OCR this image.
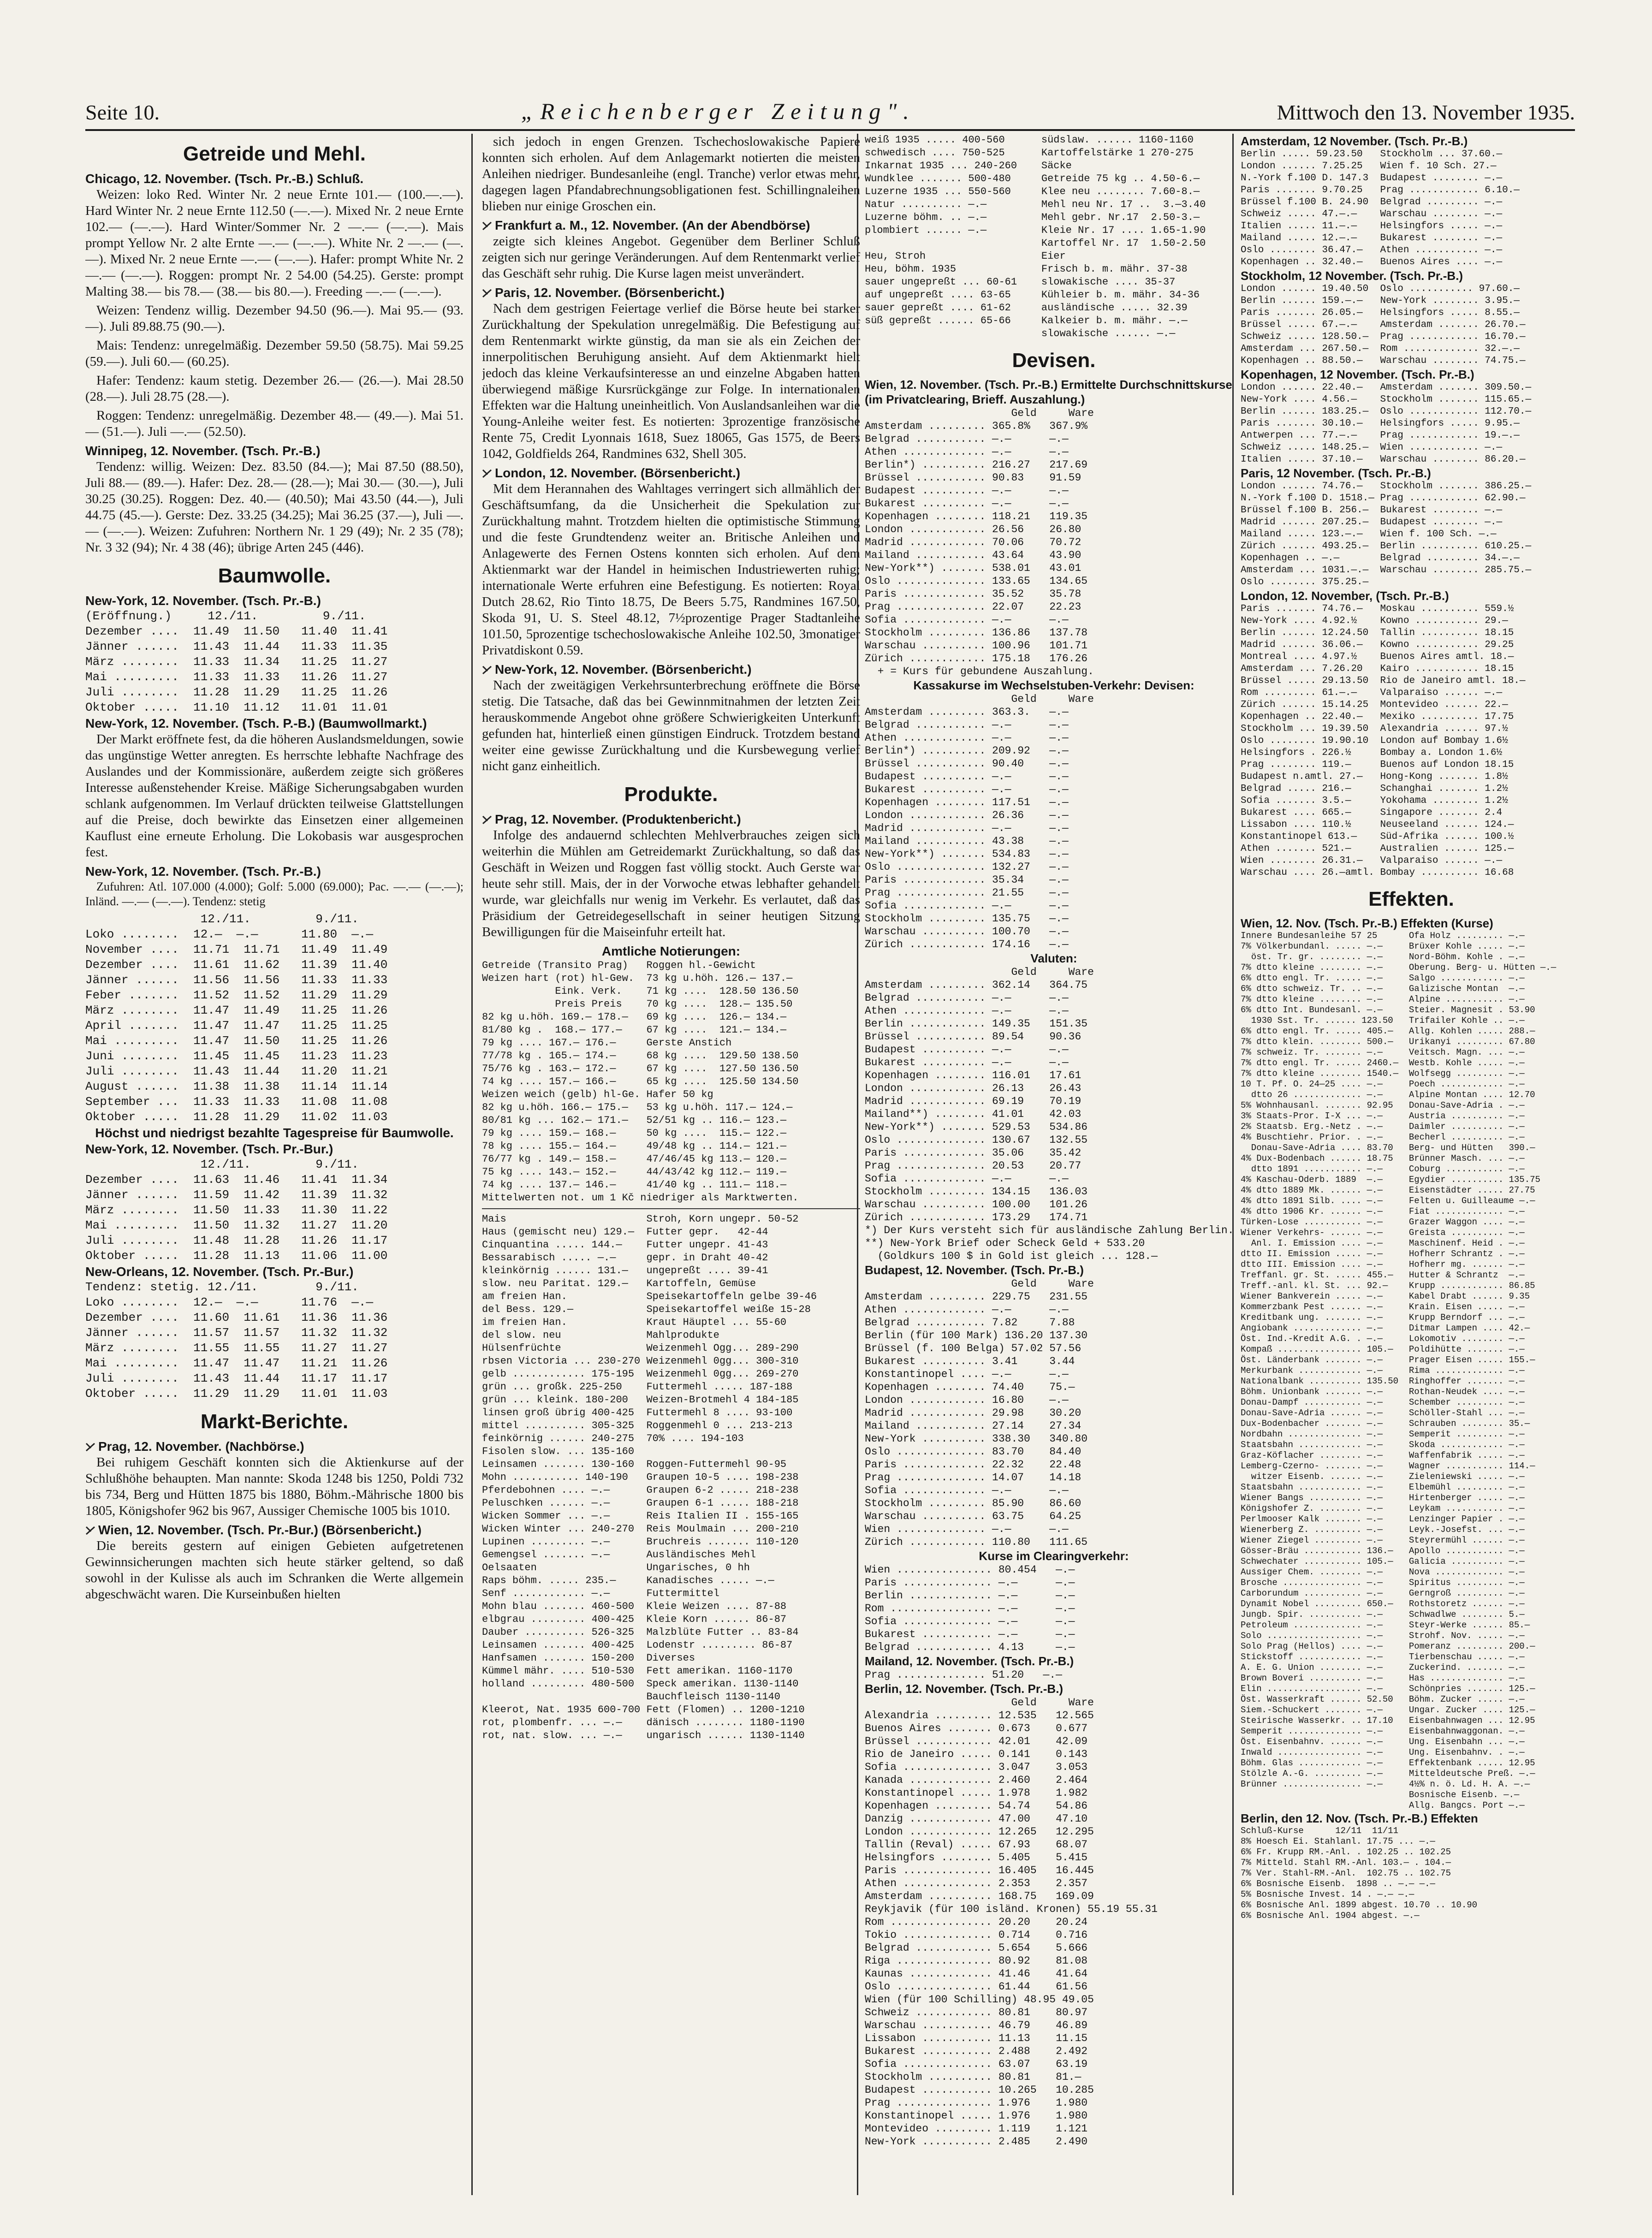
Seite 10.	„Reichenberger Zeitung".	Mittwoch den 13. November 1935.
Getreide und Mehl.
Chicago, 12. November. (Tsch. Pr.-B.) Schluß.

Weizen: loko Red. Winter Nr. 2 neue Ernte 101.— (100.—.—). Hard Winter Nr. 2 neue Ernte 112.50 (—.—). Mixed Nr. 2 neue Ernte 102.— (—.—). Hard Winter/Sommer Nr. 2 —.— (—.—). Mais prompt Yellow Nr. 2 alte Ernte —.— (—.—). White Nr. 2 —.— (—.—). Mixed Nr. 2 neue Ernte —.— (—.—). Hafer: prompt White Nr. 2 —.— (—.—). Roggen: prompt Nr. 2 54.00 (54.25). Gerste: prompt Malting 38.— bis 78.— (38.— bis 80.—). Freeding —.— (—.—).

Weizen: Tendenz willig. Dezember 94.50 (96.—). Mai 95.— (93.—). Juli 89.88.75 (90.—).

Mais: Tendenz: unregelmäßig. Dezember 59.50 (58.75). Mai 59.25 (59.—). Juli 60.— (60.25).

Hafer: Tendenz: kaum stetig. Dezember 26.— (26.—). Mai 28.50 (28.—). Juli 28.75 (28.—).

Roggen: Tendenz: unregelmäßig. Dezember 48.— (49.—). Mai 51.— (51.—). Juli —.— (52.50).

Winnipeg, 12. November. (Tsch. Pr.-B.)

Tendenz: willig. Weizen: Dez. 83.50 (84.—); Mai 87.50 (88.50), Juli 88.— (89.—). Hafer: Dez. 28.— (28.—); Mai 30.— (30.—), Juli 30.25 (30.25). Roggen: Dez. 40.— (40.50); Mai 43.50 (44.—), Juli 44.75 (45.—). Gerste: Dez. 33.25 (34.25); Mai 36.25 (37.—), Juli —.— (—.—). Weizen: Zufuhren: Northern Nr. 1 29 (49); Nr. 2 35 (78); Nr. 3 32 (94); Nr. 4 38 (46); übrige Arten 245 (446).

Baumwolle.
New-York, 12. November. (Tsch. Pr.-B.)
(Eröffnung.)     12./11.         9./11.
Dezember ....  11.49  11.50   11.40  11.41
Jänner ......  11.43  11.44   11.33  11.35
März ........  11.33  11.34   11.25  11.27
Mai .........  11.33  11.33   11.26  11.27
Juli ........  11.28  11.29   11.25  11.26
Oktober .....  11.10  11.12   11.01  11.01
New-York, 12. November. (Tsch. P.-B.) (Baumwollmarkt.)

Der Markt eröffnete fest, da die höheren Auslandsmeldungen, sowie das ungünstige Wetter anregten. Es herrschte lebhafte Nachfrage des Auslandes und der Kommissionäre, außerdem zeigte sich größeres Interesse außenstehender Kreise. Mäßige Sicherungsabgaben wurden schlank aufgenommen. Im Verlauf drückten teilweise Glattstellungen auf die Preise, doch bewirkte das Einsetzen einer allgemeinen Kauflust eine erneute Erholung. Die Lokobasis war ausgesprochen fest.

New-York, 12. November. (Tsch. Pr.-B.)

Zufuhren: Atl. 107.000 (4.000); Golf: 5.000 (69.000); Pac. —.— (—.—); Inländ. —.— (—.—). Tendenz: stetig

12./11.         9./11.
Loko ........  12.—  —.—      11.80  —.—
November ....  11.71  11.71   11.49  11.49
Dezember ....  11.61  11.62   11.39  11.40
Jänner ......  11.56  11.56   11.33  11.33
Feber .......  11.52  11.52   11.29  11.29
März ........  11.47  11.49   11.25  11.26
April .......  11.47  11.47   11.25  11.25
Mai .........  11.47  11.50   11.25  11.26
Juni ........  11.45  11.45   11.23  11.23
Juli ........  11.43  11.44   11.20  11.21
August ......  11.38  11.38   11.14  11.14
September ...  11.33  11.33   11.08  11.08
Oktober .....  11.28  11.29   11.02  11.03
Höchst und niedrigst bezahlte Tagespreise für Baumwolle.
New-York, 12. November. (Tsch. Pr.-Bur.)
12./11.         9./11.
Dezember ....  11.63  11.46   11.41  11.34
Jänner ......  11.59  11.42   11.39  11.32
März ........  11.50  11.33   11.30  11.22
Mai .........  11.50  11.32   11.27  11.20
Juli ........  11.48  11.28   11.26  11.17
Oktober .....  11.28  11.13   11.06  11.00
New-Orleans, 12. November. (Tsch. Pr.-Bur.)
Tendenz: stetig. 12./11.        9./11.
Loko ........  12.—  —.—      11.76  —.—
Dezember ....  11.60  11.61   11.36  11.36
Jänner ......  11.57  11.57   11.32  11.32
März ........  11.55  11.55   11.27  11.27
Mai .........  11.47  11.47   11.21  11.26
Juli ........  11.43  11.44   11.17  11.17
Oktober .....  11.29  11.29   11.01  11.03
Markt-Berichte.
Prag, 12. November. (Nachbörse.)

Bei ruhigem Geschäft konnten sich die Aktienkurse auf der Schlußhöhe behaupten. Man nannte: Skoda 1248 bis 1250, Poldi 732 bis 734, Berg und Hütten 1875 bis 1880, Böhm.-Mährische 1800 bis 1805, Königshofer 962 bis 967, Aussiger Chemische 1005 bis 1010.

Wien, 12. November. (Tsch. Pr.-Bur.) (Börsenbericht.)

Die bereits gestern auf einigen Gebieten aufgetretenen Gewinnsicherungen machten sich heute stärker geltend, so daß sowohl in der Kulisse als auch im Schranken die Werte allgemein abgeschwächt waren. Die Kurseinbußen hielten

sich jedoch in engen Grenzen. Tschechoslowakische Papiere konnten sich erholen. Auf dem Anlagemarkt notierten die meisten Anleihen niedriger. Bundesanleihe (engl. Tranche) verlor etwas mehr, dagegen lagen Pfandabrechnungsobligationen fest. Schillingnaleihen blieben nur einige Groschen ein.

Frankfurt a. M., 12. November. (An der Abendbörse)

zeigte sich kleines Angebot. Gegenüber dem Berliner Schluß zeigten sich nur geringe Veränderungen. Auf dem Rentenmarkt verlief das Geschäft sehr ruhig. Die Kurse lagen meist unverändert.

Paris, 12. November. (Börsenbericht.)

Nach dem gestrigen Feiertage verlief die Börse heute bei starker Zurückhaltung der Spekulation unregelmäßig. Die Befestigung auf dem Rentenmarkt wirkte günstig, da man sie als ein Zeichen der innerpolitischen Beruhigung ansieht. Auf dem Aktienmarkt hielt jedoch das kleine Verkaufsinteresse an und einzelne Abgaben hatten überwiegend mäßige Kursrückgänge zur Folge. In internationalen Effekten war die Haltung uneinheitlich. Von Auslandsanleihen war die Young-Anleihe weiter fest. Es notierten: 3prozentige französische Rente 75, Credit Lyonnais 1618, Suez 18065, Gas 1575, de Beers 1042, Goldfields 264, Randmines 632, Shell 305.

London, 12. November. (Börsenbericht.)

Mit dem Herannahen des Wahltages verringert sich allmählich der Geschäftsumfang, da die Unsicherheit die Spekulation zur Zurückhaltung mahnt. Trotzdem hielten die optimistische Stimmung und die feste Grundtendenz weiter an. Britische Anleihen und Anlagewerte des Fernen Ostens konnten sich erholen. Auf dem Aktienmarkt war der Handel in heimischen Industriewerten ruhig; internationale Werte erfuhren eine Befestigung. Es notierten: Royal Dutch 28.62, Rio Tinto 18.75, De Beers 5.75, Randmines 167.50, Skoda 91, U. S. Steel 48.12, 7½prozentige Prager Stadtanleihe 101.50, 5prozentige tschechoslowakische Anleihe 102.50, 3monatiger Privatdiskont 0.59.

New-York, 12. November. (Börsenbericht.)

Nach der zweitägigen Verkehrsunterbrechung eröffnete die Börse stetig. Die Tatsache, daß das bei Gewinnmitnahmen der letzten Zeit herauskommende Angebot ohne größere Schwierigkeiten Unterkunft gefunden hat, hinterließ einen günstigen Eindruck. Trotzdem bestand weiter eine gewisse Zurückhaltung und die Kursbewegung verlief nicht ganz einheitlich.

Produkte.
Prag, 12. November. (Produktenbericht.)

Infolge des andauernd schlechten Mehlverbrauches zeigen sich weiterhin die Mühlen am Getreidemarkt Zurückhaltung, so daß das Geschäft in Weizen und Roggen fast völlig stockt. Auch Gerste war heute sehr still. Mais, der in der Vorwoche etwas lebhafter gehandelt wurde, war gleichfalls nur wenig im Verkehr. Es verlautet, daß das Präsidium der Getreidegesellschaft in seiner heutigen Sitzung Bewilligungen für die Maiseinfuhr erteilt hat.

Amtliche Notierungen:
Getreide (Transito Prag)   Roggen hl.-Gewicht
Weizen hart (rot) hl-Gew.  73 kg u.höh. 126.— 137.—
Eink. Verk.    71 kg ....  128.50 136.50
Preis Preis    70 kg ....  128.— 135.50
82 kg u.höh. 169.— 178.—   69 kg ....  126.— 134.—
81/80 kg .  168.— 177.—    67 kg ....  121.— 134.—
79 kg .... 167.— 176.—     Gerste Anstich
77/78 kg . 165.— 174.—     68 kg ....  129.50 138.50
75/76 kg . 163.— 172.—     67 kg ....  127.50 136.50
74 kg .... 157.— 166.—     65 kg ....  125.50 134.50
Weizen weich (gelb) hl-Ge. Hafer 50 kg
82 kg u.höh. 166.— 175.—   53 kg u.höh. 117.— 124.—
80/81 kg ... 162.— 171.—   52/51 kg .. 116.— 123.—
79 kg .... 159.— 168.—     50 kg ....  115.— 122.—
78 kg .... 155.— 164.—     49/48 kg .. 114.— 121.—
76/77 kg . 149.— 158.—     47/46/45 kg 113.— 120.—
75 kg .... 143.— 152.—     44/43/42 kg 112.— 119.—
74 kg .... 137.— 146.—     41/40 kg .. 111.— 118.—
Mittelwerten not. um 1 Kč niedriger als Marktwerten.
Mais                       Stroh, Korn ungepr. 50-52
Haus (gemischt neu) 129.—  Futter gepr.   42-44
Cinquantina ..... 144.—    Futter ungepr. 41-43
Bessarabisch ..... —.—     gepr. in Draht 40-42
kleinkörnig ...... 131.—   ungepreßt .... 39-41
slow. neu Paritat. 129.—   Kartoffeln, Gemüse
am freien Han.             Speisekartoffeln gelbe 39-46
del Bess. 129.—            Speisekartoffel weiße 15-28
im freien Han.             Kraut Häuptel ... 55-60
del slow. neu              Mahlprodukte
Hülsenfrüchte              Weizenmehl Ogg... 289-290
rbsen Victoria ... 230-270 Weizenmehl 0gg... 300-310
gelb ............ 175-195  Weizenmehl 0gg... 269-270
grün ... großk. 225-250    Futtermehl ..... 187-188
grün ... kleink. 180-200   Weizen-Brotmehl 4 184-185
linsen groß übrig 400-425  Futtermehl 8 .... 93-100
mittel .......... 305-325  Roggenmehl 0 ... 213-213
feinkörnig ...... 240-275  70% .... 194-103
Fisolen slow. ... 135-160
Leinsamen ....... 130-160  Roggen-Futtermehl 90-95
Mohn ........... 140-190   Graupen 10-5 .... 198-238
Pferdebohnen .... —.—      Graupen 6-2 ..... 218-238
Peluschken ...... —.—      Graupen 6-1 ..... 188-218
Wicken Sommer ... —.—      Reis Italien II . 155-165
Wicken Winter ... 240-270  Reis Moulmain ... 200-210
Lupinen ......... —.—      Bruchreis ....... 110-120
Gemengsel ....... —.—      Ausländisches Mehl
Oelsaaten                  Ungarisches, 0 hh
Raps böhm. ..... 235.—     Kanadisches ..... —.—
Senf ............ —.—      Futtermittel
Mohn blau ....... 460-500  Kleie Weizen .... 87-88
elbgrau ......... 400-425  Kleie Korn ...... 86-87
Dauber .......... 526-325  Malzblüte Futter .. 83-84
Leinsamen ....... 400-425  Lodenstr ......... 86-87
Hanfsamen ....... 150-200  Diverses
Kümmel mähr. .... 510-530  Fett amerikan. 1160-1170
holland ......... 480-500  Speck amerikan. 1130-1140
Bauchfleisch 1130-1140
Kleerot, Nat. 1935 600-700 Fett (Flomen) .. 1200-1210
rot, plombenfr. ... —.—    dänisch ........ 1180-1190
rot, nat. slow. ... —.—    ungarisch ...... 1130-1140
weiß 1935 ..... 400-560      südslaw. ...... 1160-1160
schwedisch .... 750-525      Kartoffelstärke 1 270-275
Inkarnat 1935 ... 240-260    Säcke
Wundklee ....... 500-480     Getreide 75 kg .. 4.50-6.—
Luzerne 1935 ... 550-560     Klee neu ........ 7.60-8.—
Natur .......... —.—         Mehl neu Nr. 17 ..  3.—3.40
Luzerne böhm. .. —.—         Mehl gebr. Nr.17  2.50-3.—
plombiert ...... —.—         Kleie Nr. 17 .... 1.65-1.90
Kartoffel Nr. 17  1.50-2.50
Heu, Stroh                   Eier
Heu, böhm. 1935              Frisch b. m. mähr. 37-38
sauer ungepreßt ... 60-61    slowakische .... 35-37
auf ungepreßt .... 63-65     Kühleier b. m. mähr. 34-36
sauer gepreßt .... 61-62     ausländische ..... 32.39
süß gepreßt ...... 65-66     Kalkeier b. m. mähr. —.—
slowakische ...... —.—
Devisen.
Wien, 12. November. (Tsch. Pr.-B.) Ermittelte Durchschnittskurse (im Privatclearing, Brieff. Auszahlung.)
Geld     Ware
Amsterdam ......... 365.8%   367.9%
Belgrad ........... —.—      —.—
Athen ............. —.—      —.—
Berlin*) .......... 216.27   217.69
Brüssel ........... 90.83    91.59
Budapest .......... —.—      —.—
Bukarest .......... —.—      —.—
Kopenhagen ........ 118.21   119.35
London ............ 26.56    26.80
Madrid ............ 70.06    70.72
Mailand ........... 43.64    43.90
New-York**) ....... 538.01   43.01
Oslo .............. 133.65   134.65
Paris ............. 35.52    35.78
Prag .............. 22.07    22.23
Sofia ............. —.—      —.—
Stockholm ......... 136.86   137.78
Warschau .......... 100.96   101.71
Zürich ............ 175.18   176.26
+ = Kurs für gebundene Auszahlung.
Kassakurse im Wechselstuben-Verkehr: Devisen:
Geld     Ware
Amsterdam ......... 363.3.   —.—
Belgrad ........... —.—      —.—
Athen ............. —.—      —.—
Berlin*) .......... 209.92   —.—
Brüssel ........... 90.40    —.—
Budapest .......... —.—      —.—
Bukarest .......... —.—      —.—
Kopenhagen ........ 117.51   —.—
London ............ 26.36    —.—
Madrid ............ —.—      —.—
Mailand ........... 43.38    —.—
New-York**) ....... 534.83   —.—
Oslo .............. 132.27   —.—
Paris ............. 35.34    —.—
Prag .............. 21.55    —.—
Sofia ............. —.—      —.—
Stockholm ......... 135.75   —.—
Warschau .......... 100.70   —.—
Zürich ............ 174.16   —.—
Valuten:
Geld     Ware
Amsterdam ......... 362.14   364.75
Belgrad ........... —.—      —.—
Athen ............. —.—      —.—
Berlin ............ 149.35   151.35
Brüssel ........... 89.54    90.36
Budapest .......... —.—      —.—
Bukarest .......... —.—      —.—
Kopenhagen ........ 116.01   17.61
London ............ 26.13    26.43
Madrid ............ 69.19    70.19
Mailand**) ........ 41.01    42.03
New-York**) ....... 529.53   534.86
Oslo .............. 130.67   132.55
Paris ............. 35.06    35.42
Prag .............. 20.53    20.77
Sofia ............. —.—      —.—
Stockholm ......... 134.15   136.03
Warschau .......... 100.00   101.26
Zürich ............ 173.29   174.71
*) Der Kurs versteht sich für ausländische Zahlung Berlin.
**) New-York Brief oder Scheck Geld + 533.20
(Goldkurs 100 $ in Gold ist gleich ... 128.—
Budapest, 12. November. (Tsch. Pr.-B.)
Geld     Ware
Amsterdam ......... 229.75   231.55
Athen ............. —.—      —.—
Belgrad ........... 7.82     7.88
Berlin (für 100 Mark) 136.20 137.30
Brüssel (f. 100 Belga) 57.02 57.56
Bukarest .......... 3.41     3.44
Konstantinopel .... —.—      —.—
Kopenhagen ........ 74.40    75.—
London ............ 16.80    —.—
Madrid ............ 29.98    30.20
Mailand ........... 27.14    27.34
New-York .......... 338.30   340.80
Oslo .............. 83.70    84.40
Paris ............. 22.32    22.48
Prag .............. 14.07    14.18
Sofia ............. —.—      —.—
Stockholm ......... 85.90    86.60
Warschau .......... 63.75    64.25
Wien .............. —.—      —.—
Zürich ............ 110.80   111.65
Kurse im Clearingverkehr:
Wien ............... 80.454   —.—
Paris .............. —.—      —.—
Berlin ............. —.—      —.—
Rom ................ —.—      —.—
Sofia .............. —.—      —.—
Bukarest ........... —.—      —.—
Belgrad ............ 4.13     —.—
Mailand, 12. November. (Tsch. Pr.-B.)
Prag .............. 51.20   —.—
Berlin, 12. November. (Tsch. Pr.-B.)
Geld     Ware
Alexandria ......... 12.535   12.565
Buenos Aires ....... 0.673    0.677
Brüssel ............ 42.01    42.09
Rio de Janeiro ..... 0.141    0.143
Sofia .............. 3.047    3.053
Kanada ............. 2.460    2.464
Konstantinopel ..... 1.978    1.982
Kopenhagen ......... 54.74    54.86
Danzig ............. 47.00    47.10
London ............. 12.265   12.295
Tallin (Reval) ..... 67.93    68.07
Helsingfors ........ 5.405    5.415
Paris .............. 16.405   16.445
Athen .............. 2.353    2.357
Amsterdam .......... 168.75   169.09
Reykjavik (für 100 isländ. Kronen) 55.19 55.31
Rom ................ 20.20    20.24
Tokio .............. 0.714    0.716
Belgrad ............ 5.654    5.666
Riga ............... 80.92    81.08
Kaunas ............. 41.46    41.64
Oslo ............... 61.44    61.56
Wien (für 100 Schilling) 48.95 49.05
Schweiz ............ 80.81    80.97
Warschau ........... 46.79    46.89
Lissabon ........... 11.13    11.15
Bukarest ........... 2.488    2.492
Sofia .............. 63.07    63.19
Stockholm .......... 80.81    81.—
Budapest ........... 10.265   10.285
Prag ............... 1.976    1.980
Konstantinopel ..... 1.976    1.980
Montevideo ......... 1.119    1.121
New-York ........... 2.485    2.490
Amsterdam, 12 November. (Tsch. Pr.-B.)
Berlin ..... 59.23.50   Stockholm ... 37.60.—
London ...... 7.25.25   Wien f. 10 Sch. 27.—
N.-York f.100 D. 147.3  Budapest ........ —.—
Paris ....... 9.70.25   Prag ............ 6.10.—
Brüssel f.100 B. 24.90  Belgrad ......... —.—
Schweiz ..... 47.—.—    Warschau ........ —.—
Italien ..... 11.—.—    Helsingfors ..... —.—
Mailand ..... 12.—.—    Bukarest ........ —.—
Oslo ........ 36.47.—   Athen ........... —.—
Kopenhagen .. 32.40.—   Buenos Aires .... —.—
Stockholm, 12 November. (Tsch. Pr.-B.)
London ...... 19.40.50  Oslo ........... 97.60.—
Berlin ...... 159.—.—   New-York ........ 3.95.—
Paris ....... 26.05.—   Helsingfors ..... 8.55.—
Brüssel ..... 67.—.—    Amsterdam ....... 26.70.—
Schweiz ..... 128.50.—  Prag ............ 16.70.—
Amsterdam ... 267.50.—  Rom ............. 32.—.—
Kopenhagen .. 88.50.—   Warschau ........ 74.75.—
Kopenhagen, 12 November. (Tsch. Pr.-B.)
London ...... 22.40.—   Amsterdam ....... 309.50.—
New-York .... 4.56.—    Stockholm ....... 115.65.—
Berlin ...... 183.25.—  Oslo ............ 112.70.—
Paris ....... 30.10.—   Helsingfors ..... 9.95.—
Antwerpen ... 77.—.—    Prag ............ 19.—.—
Schweiz ..... 148.25.—  Wien ............ —.—
Italien ..... 37.10.—   Warschau ........ 86.20.—
Paris, 12 November. (Tsch. Pr.-B.)
London ...... 74.76.—   Stockholm ....... 386.25.—
N.-York f.100 D. 1518.— Prag ............ 62.90.—
Brüssel f.100 B. 256.—  Bukarest ........ —.—
Madrid ...... 207.25.—  Budapest ........ —.—
Mailand ..... 123.—.—   Wien f. 100 Sch. —.—
Zürich ...... 493.25.—  Berlin .......... 610.25.—
Kopenhagen .. —.—       Belgrad ......... 34.—.—
Amsterdam ... 1031.—.—  Warschau ........ 285.75.—
Oslo ........ 375.25.—
London, 12. November, (Tsch. Pr.-B.)
Paris ....... 74.76.—   Moskau .......... 559.½
New-York .... 4.92.½    Kowno ........... 29.—
Berlin ...... 12.24.50  Tallin .......... 18.15
Madrid ...... 36.06.—   Kowno ........... 29.25
Montreal .... 4.97.½    Buenos Aires amtl. 18.—
Amsterdam ... 7.26.20   Kairo ........... 18.15
Brüssel ..... 29.13.50  Rio de Janeiro amtl. 18.—
Rom ......... 61.—.—    Valparaiso ...... —.—
Zürich ...... 15.14.25  Montevideo ...... 22.—
Kopenhagen .. 22.40.—   Mexiko .......... 17.75
Stockholm ... 19.39.50  Alexandria ...... 97.½
Oslo ........ 19.90.10  London auf Bombay 1.6½
Helsingfors . 226.½     Bombay a. London 1.6½
Prag ........ 119.—     Buenos auf London 18.15
Budapest n.amtl. 27.—   Hong-Kong ....... 1.8½
Belgrad ..... 216.—     Schanghai ....... 1.2½
Sofia ....... 3.5.—     Yokohama ........ 1.2½
Bukarest .... 665.—     Singapore ....... 2.4
Lissabon .... 110.½     Neuseeland ...... 124.—
Konstantinopel 613.—    Süd-Afrika ...... 100.½
Athen ....... 521.—     Australien ...... 125.—
Wien ........ 26.31.—   Valparaiso ...... —.—
Warschau .... 26.—amtl. Bombay .......... 16.68
Effekten.
Wien, 12. Nov. (Tsch. Pr.-B.) Effekten (Kurse)
Innere Bundesanleihe 57 25      Ofa Holz ......... —.—
7% Völkerbundanl. ..... —.—     Brüxer Kohle ..... —.—
öst. Tr. gr. ........ —.—     Nord-Böhm. Kohle . —.—
7% dtto kleine ........ —.—     Oberung. Berg- u. Hütten —.—
6% dtto engl. Tr. ..... —.—     Salgo ............ —.—
6% dtto schweiz. Tr. .. —.—     Galizische Montan  —.—
7% dtto kleine ........ —.—     Alpine ........... —.—
6% dtto Int. Bundesanl. —.—     Steier. Magnesit . 53.90
1930 Sst. Tr. ...... 123.50   Trifailer Kohle .. —.—
6% dtto engl. Tr. ..... 405.—   Allg. Kohlen ..... 288.—
7% dtto klein. ........ 500.—   Urikanyi ......... 67.80
7% schweiz. Tr. ....... —.—     Veitsch. Magn. ... —.—
7% dtto engl. Tr. ..... 2460.—  Westb. Kohle ..... —.—
7% dtto kleine ........ 1540.—  Wolfsegg ......... —.—
10 T. Pf. O. 24—25 .... —.—     Poech ............ —.—
dtto 26 ............. —.—     Alpine Montan .... 12.70
5% Wohnhausanl. ....... 92.95   Donau-Save-Adria . —.—
3% Staats-Pror. I-X ... —.—     Austria .......... —.—
2% Staatsb. Erg.-Netz . —.—     Daimler .......... —.—
4% Buschtiehr. Prior. . —.—     Becherl .......... —.—
Donau-Save-Adria .... 83.70   Berg- und Hütten   390.—
4% Dux-Bodenbach ...... 18.75   Brünner Masch. ... —.—
dtto 1891 ........... —.—     Coburg ........... —.—
4% Kaschau-Oderb. 1889  —.—     Egydier .......... 135.75
4% dtto 1889 Mk. ...... —.—     Eisenstädter ..... 27.75
4% dtto 1891 Silb. .... —.—     Felten u. Guilleaume —.—
4% dtto 1906 Kr. ...... —.—     Fiat ............. —.—
Türken-Lose ........... —.—     Grazer Waggon .... —.—
Wiener Verkehrs- ...... —.—     Greista .......... —.—
Anl. I. Emission .... —.—     Maschinenf. Heid . —.—
dtto II. Emission ..... —.—     Hofherr Schrantz . —.—
dtto III. Emission .... —.—     Hofherr mg. ...... —.—
Treffanl. gr. St. ..... 455.—   Hutter & Schrantz  —.—
Treff.-anl. kl. St. ... 92.—    Krupp ............ 86.85
Wiener Bankverein ..... —.—     Kabel Drabt ...... 9.35
Kommerzbank Pest ...... —.—     Krain. Eisen ..... —.—
Kreditbank ung. ....... —.—     Krupp Berndorf ... —.—
Angiobank ............. —.—     Ditmar Lampen .... 42.—
Öst. Ind.-Kredit A.G. . —.—     Lokomotiv ........ —.—
Kompaß ................ 105.—   Poldihütte ....... —.—
Öst. Länderbank ....... —.—     Prager Eisen ..... 155.—
Merkurbank ............ —.—     Rima ............. —.—
Nationalbank .......... 135.50  Ringhoffer ....... —.—
Böhm. Unionbank ....... —.—     Rothan-Neudek .... —.—
Donau-Dampf ........... —.—     Schember ......... —.—
Donau-Save-Adria ...... —.—     Schöller-Stahl ... —.—
Dux-Bodenbacher ....... —.—     Schrauben ........ 35.—
Nordbahn .............. —.—     Semperit ......... —.—
Staatsbahn ............ —.—     Skoda ............ —.—
Graz-Köflacher ........ —.—     Waffenfabrik ..... —.—
Lemberg-Czerno- ....... —.—     Wagner ........... 114.—
witzer Eisenb. ...... —.—     Zieleniewski ..... —.—
Staatsbahn ............ —.—     Elbemühl ......... —.—
Wiener Bangs .......... —.—     Hirtenberger ..... —.—
Königshofer Z. ........ —.—     Leykam ........... —.—
Perlmooser Kalk ....... —.—     Lenzinger Papier . —.—
Wienerberg Z. ......... —.—     Leyk.-Josefst. ... —.—
Wiener Ziegel ......... —.—     Steyrermühl ...... —.—
Gösser-Bräu ........... 136.—   Apollo ........... —.—
Schwechater ........... 105.—   Galicia .......... —.—
Aussiger Chem. ........ —.—     Nova ............. —.—
Brosche ............... —.—     Spiritus ......... —.—
Carborundum ........... —.—     Gerngroß ......... —.—
Dynamit Nobel ......... 650.—   Rothstoretz ...... —.—
Jungb. Spir. .......... —.—     Schwadlwe ........ 5.—
Petroleum ............. —.—     Steyr-Werke ...... 85.—
Solo .................. —.—     Strohf. Nov. ..... —.—
Solo Prag (Hellos) .... —.—     Pomeranz ......... 200.—
Stickstoff ............ —.—     Tierbenschau ..... —.—
A. E. G. Union ........ —.—     Zuckerind. ....... —.—
Brown Boveri .......... —.—     Has .............. —.—
Elin .................. —.—     Schönpries ....... 125.—
Öst. Wasserkraft ...... 52.50   Böhm. Zucker ..... —.—
Siem.-Schuckert ....... —.—     Ungar. Zucker .... 125.—
Steirische Wasserkr. .. 17.10   Eisenbahnwagen ... 12.95
Semperit .............. —.—     Eisenbahnwaggonan. —.—
Öst. Eisenbahnv. ...... —.—     Ung. Eisenbahn ... —.—
Inwald ................ —.—     Ung. Eisenbahnv. . —.—
Böhm. Glas ............ —.—     Effektenbank ..... 12.95
Stölzle A.-G. ......... —.—     Mitteldeutsche Preß. —.—
Brünner ............... —.—     4½% n. ö. Ld. H. A. —.—
Bosnische Eisenb. —.—
Allg. Bangcs. Port —.—
Berlin, den 12. Nov. (Tsch. Pr.-B.) Effekten
Schluß-Kurse      12/11  11/11
8% Hoesch Ei. Stahlanl. 17.75 ... —.—
6% Fr. Krupp RM.-Anl. . 102.25 .. 102.25
7% Mitteld. Stahl RM.-Anl. 103.— . 104.—
7% Ver. Stahl-RM.-Anl.  102.75 .. 102.75
6% Bosnische Eisenb.  1898 .. —.— —.—
5% Bosnische Invest. 14 . —.— —.—
6% Bosnische Anl. 1899 abgest. 10.70 .. 10.90
6% Bosnische Anl. 1904 abgest. —.—
